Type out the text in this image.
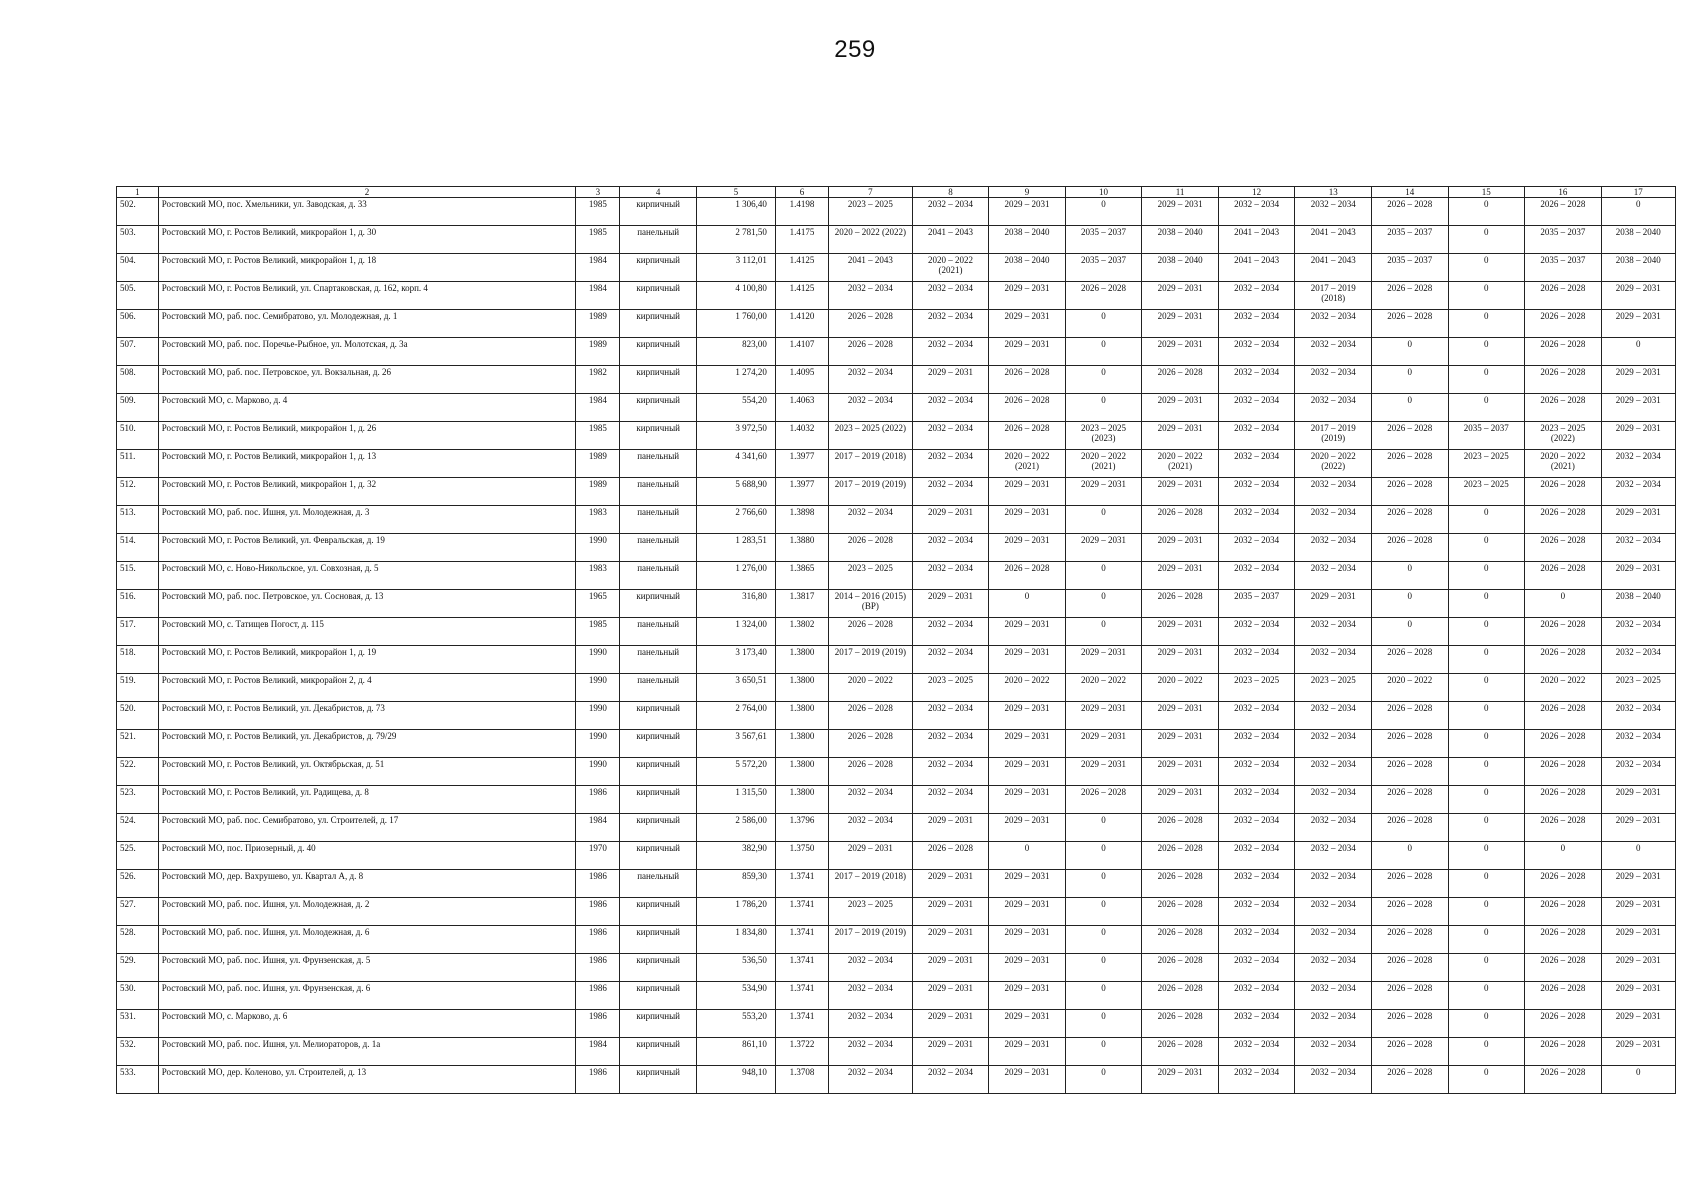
259
1	2	3	4	5	6	7	8	9	10	11	12	13	14	15	16	17
502.	Ростовский МО, пос. Хмельники, ул. Заводская, д. 33	1985	кирпичный	1 306,40	1.4198	2023 – 2025	2032 – 2034	2029 – 2031	0	2029 – 2031	2032 – 2034	2032 – 2034	2026 – 2028	0	2026 – 2028	0
503.	Ростовский МО, г. Ростов Великий, микрорайон 1, д. 30	1985	панельный	2 781,50	1.4175	2020 – 2022 (2022)	2041 – 2043	2038 – 2040	2035 – 2037	2038 – 2040	2041 – 2043	2041 – 2043	2035 – 2037	0	2035 – 2037	2038 – 2040
504.	Ростовский МО, г. Ростов Великий, микрорайон 1, д. 18	1984	кирпичный	3 112,01	1.4125	2041 – 2043	2020 – 2022 (2021)	2038 – 2040	2035 – 2037	2038 – 2040	2041 – 2043	2041 – 2043	2035 – 2037	0	2035 – 2037	2038 – 2040
505.	Ростовский МО, г. Ростов Великий, ул. Спартаковская, д. 162, корп. 4	1984	кирпичный	4 100,80	1.4125	2032 – 2034	2032 – 2034	2029 – 2031	2026 – 2028	2029 – 2031	2032 – 2034	2017 – 2019 (2018)	2026 – 2028	0	2026 – 2028	2029 – 2031
506.	Ростовский МО, раб. пос. Семибратово, ул. Молодежная, д. 1	1989	кирпичный	1 760,00	1.4120	2026 – 2028	2032 – 2034	2029 – 2031	0	2029 – 2031	2032 – 2034	2032 – 2034	2026 – 2028	0	2026 – 2028	2029 – 2031
507.	Ростовский МО, раб. пос. Поречье-Рыбное, ул. Молотская, д. 3а	1989	кирпичный	823,00	1.4107	2026 – 2028	2032 – 2034	2029 – 2031	0	2029 – 2031	2032 – 2034	2032 – 2034	0	0	2026 – 2028	0
508.	Ростовский МО, раб. пос. Петровское, ул. Вокзальная, д. 26	1982	кирпичный	1 274,20	1.4095	2032 – 2034	2029 – 2031	2026 – 2028	0	2026 – 2028	2032 – 2034	2032 – 2034	0	0	2026 – 2028	2029 – 2031
509.	Ростовский МО, с. Марково, д. 4	1984	кирпичный	554,20	1.4063	2032 – 2034	2032 – 2034	2026 – 2028	0	2029 – 2031	2032 – 2034	2032 – 2034	0	0	2026 – 2028	2029 – 2031
510.	Ростовский МО, г. Ростов Великий, микрорайон 1, д. 26	1985	кирпичный	3 972,50	1.4032	2023 – 2025 (2022)	2032 – 2034	2026 – 2028	2023 – 2025 (2023)	2029 – 2031	2032 – 2034	2017 – 2019 (2019)	2026 – 2028	2035 – 2037	2023 – 2025 (2022)	2029 – 2031
511.	Ростовский МО, г. Ростов Великий, микрорайон 1, д. 13	1989	панельный	4 341,60	1.3977	2017 – 2019 (2018)	2032 – 2034	2020 – 2022 (2021)	2020 – 2022 (2021)	2020 – 2022 (2021)	2032 – 2034	2020 – 2022 (2022)	2026 – 2028	2023 – 2025	2020 – 2022 (2021)	2032 – 2034
512.	Ростовский МО, г. Ростов Великий, микрорайон 1, д. 32	1989	панельный	5 688,90	1.3977	2017 – 2019 (2019)	2032 – 2034	2029 – 2031	2029 – 2031	2029 – 2031	2032 – 2034	2032 – 2034	2026 – 2028	2023 – 2025	2026 – 2028	2032 – 2034
513.	Ростовский МО, раб. пос. Ишня, ул. Молодежная, д. 3	1983	панельный	2 766,60	1.3898	2032 – 2034	2029 – 2031	2029 – 2031	0	2026 – 2028	2032 – 2034	2032 – 2034	2026 – 2028	0	2026 – 2028	2029 – 2031
514.	Ростовский МО, г. Ростов Великий, ул. Февральская, д. 19	1990	панельный	1 283,51	1.3880	2026 – 2028	2032 – 2034	2029 – 2031	2029 – 2031	2029 – 2031	2032 – 2034	2032 – 2034	2026 – 2028	0	2026 – 2028	2032 – 2034
515.	Ростовский МО, с. Ново-Никольское, ул. Совхозная, д. 5	1983	панельный	1 276,00	1.3865	2023 – 2025	2032 – 2034	2026 – 2028	0	2029 – 2031	2032 – 2034	2032 – 2034	0	0	2026 – 2028	2029 – 2031
516.	Ростовский МО, раб. пос. Петровское, ул. Сосновая, д. 13	1965	кирпичный	316,80	1.3817	2014 – 2016 (2015) (ВР)	2029 – 2031	0	0	2026 – 2028	2035 – 2037	2029 – 2031	0	0	0	2038 – 2040
517.	Ростовский МО, с. Татищев Погост, д. 115	1985	панельный	1 324,00	1.3802	2026 – 2028	2032 – 2034	2029 – 2031	0	2029 – 2031	2032 – 2034	2032 – 2034	0	0	2026 – 2028	2032 – 2034
518.	Ростовский МО, г. Ростов Великий, микрорайон 1, д. 19	1990	панельный	3 173,40	1.3800	2017 – 2019 (2019)	2032 – 2034	2029 – 2031	2029 – 2031	2029 – 2031	2032 – 2034	2032 – 2034	2026 – 2028	0	2026 – 2028	2032 – 2034
519.	Ростовский МО, г. Ростов Великий, микрорайон 2, д. 4	1990	панельный	3 650,51	1.3800	2020 – 2022	2023 – 2025	2020 – 2022	2020 – 2022	2020 – 2022	2023 – 2025	2023 – 2025	2020 – 2022	0	2020 – 2022	2023 – 2025
520.	Ростовский МО, г. Ростов Великий, ул. Декабристов, д. 73	1990	кирпичный	2 764,00	1.3800	2026 – 2028	2032 – 2034	2029 – 2031	2029 – 2031	2029 – 2031	2032 – 2034	2032 – 2034	2026 – 2028	0	2026 – 2028	2032 – 2034
521.	Ростовский МО, г. Ростов Великий, ул. Декабристов, д. 79/29	1990	кирпичный	3 567,61	1.3800	2026 – 2028	2032 – 2034	2029 – 2031	2029 – 2031	2029 – 2031	2032 – 2034	2032 – 2034	2026 – 2028	0	2026 – 2028	2032 – 2034
522.	Ростовский МО, г. Ростов Великий, ул. Октябрьская, д. 51	1990	кирпичный	5 572,20	1.3800	2026 – 2028	2032 – 2034	2029 – 2031	2029 – 2031	2029 – 2031	2032 – 2034	2032 – 2034	2026 – 2028	0	2026 – 2028	2032 – 2034
523.	Ростовский МО, г. Ростов Великий, ул. Радищева, д. 8	1986	кирпичный	1 315,50	1.3800	2032 – 2034	2032 – 2034	2029 – 2031	2026 – 2028	2029 – 2031	2032 – 2034	2032 – 2034	2026 – 2028	0	2026 – 2028	2029 – 2031
524.	Ростовский МО, раб. пос. Семибратово, ул. Строителей, д. 17	1984	кирпичный	2 586,00	1.3796	2032 – 2034	2029 – 2031	2029 – 2031	0	2026 – 2028	2032 – 2034	2032 – 2034	2026 – 2028	0	2026 – 2028	2029 – 2031
525.	Ростовский МО, пос. Приозерный, д. 40	1970	кирпичный	382,90	1.3750	2029 – 2031	2026 – 2028	0	0	2026 – 2028	2032 – 2034	2032 – 2034	0	0	0	0
526.	Ростовский МО, дер. Вахрушево, ул. Квартал А, д. 8	1986	панельный	859,30	1.3741	2017 – 2019 (2018)	2029 – 2031	2029 – 2031	0	2026 – 2028	2032 – 2034	2032 – 2034	2026 – 2028	0	2026 – 2028	2029 – 2031
527.	Ростовский МО, раб. пос. Ишня, ул. Молодежная, д. 2	1986	кирпичный	1 786,20	1.3741	2023 – 2025	2029 – 2031	2029 – 2031	0	2026 – 2028	2032 – 2034	2032 – 2034	2026 – 2028	0	2026 – 2028	2029 – 2031
528.	Ростовский МО, раб. пос. Ишня, ул. Молодежная, д. 6	1986	кирпичный	1 834,80	1.3741	2017 – 2019 (2019)	2029 – 2031	2029 – 2031	0	2026 – 2028	2032 – 2034	2032 – 2034	2026 – 2028	0	2026 – 2028	2029 – 2031
529.	Ростовский МО, раб. пос. Ишня, ул. Фрунзенская, д. 5	1986	кирпичный	536,50	1.3741	2032 – 2034	2029 – 2031	2029 – 2031	0	2026 – 2028	2032 – 2034	2032 – 2034	2026 – 2028	0	2026 – 2028	2029 – 2031
530.	Ростовский МО, раб. пос. Ишня, ул. Фрунзенская, д. 6	1986	кирпичный	534,90	1.3741	2032 – 2034	2029 – 2031	2029 – 2031	0	2026 – 2028	2032 – 2034	2032 – 2034	2026 – 2028	0	2026 – 2028	2029 – 2031
531.	Ростовский МО, с. Марково, д. 6	1986	кирпичный	553,20	1.3741	2032 – 2034	2029 – 2031	2029 – 2031	0	2026 – 2028	2032 – 2034	2032 – 2034	2026 – 2028	0	2026 – 2028	2029 – 2031
532.	Ростовский МО, раб. пос. Ишня, ул. Мелиораторов, д. 1а	1984	кирпичный	861,10	1.3722	2032 – 2034	2029 – 2031	2029 – 2031	0	2026 – 2028	2032 – 2034	2032 – 2034	2026 – 2028	0	2026 – 2028	2029 – 2031
533.	Ростовский МО, дер. Коленово, ул. Строителей, д. 13	1986	кирпичный	948,10	1.3708	2032 – 2034	2032 – 2034	2029 – 2031	0	2029 – 2031	2032 – 2034	2032 – 2034	2026 – 2028	0	2026 – 2028	0
